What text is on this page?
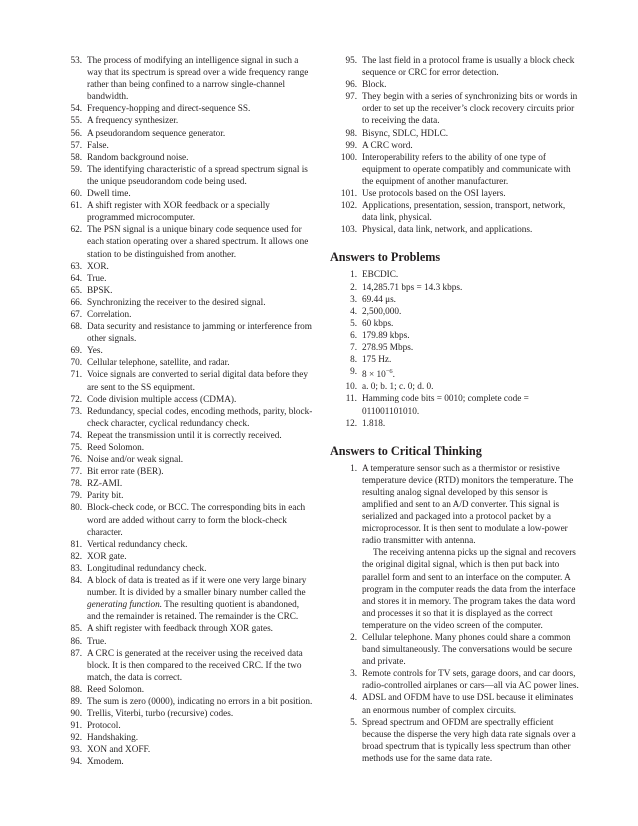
53. The process of modifying an intelligence signal in such a way that its spectrum is spread over a wide frequency range rather than being confined to a narrow single-channel bandwidth.
54. Frequency-hopping and direct-sequence SS.
55. A frequency synthesizer.
56. A pseudorandom sequence generator.
57. False.
58. Random background noise.
59. The identifying characteristic of a spread spectrum signal is the unique pseudorandom code being used.
60. Dwell time.
61. A shift register with XOR feedback or a specially programmed microcomputer.
62. The PSN signal is a unique binary code sequence used for each station operating over a shared spectrum. It allows one station to be distinguished from another.
63. XOR.
64. True.
65. BPSK.
66. Synchronizing the receiver to the desired signal.
67. Correlation.
68. Data security and resistance to jamming or interference from other signals.
69. Yes.
70. Cellular telephone, satellite, and radar.
71. Voice signals are converted to serial digital data before they are sent to the SS equipment.
72. Code division multiple access (CDMA).
73. Redundancy, special codes, encoding methods, parity, block-check character, cyclical redundancy check.
74. Repeat the transmission until it is correctly received.
75. Reed Solomon.
76. Noise and/or weak signal.
77. Bit error rate (BER).
78. RZ-AMI.
79. Parity bit.
80. Block-check code, or BCC. The corresponding bits in each word are added without carry to form the block-check character.
81. Vertical redundancy check.
82. XOR gate.
83. Longitudinal redundancy check.
84. A block of data is treated as if it were one very large binary number. It is divided by a smaller binary number called the generating function. The resulting quotient is abandoned, and the remainder is retained. The remainder is the CRC.
85. A shift register with feedback through XOR gates.
86. True.
87. A CRC is generated at the receiver using the received data block. It is then compared to the received CRC. If the two match, the data is correct.
88. Reed Solomon.
89. The sum is zero (0000), indicating no errors in a bit position.
90. Trellis, Viterbi, turbo (recursive) codes.
91. Protocol.
92. Handshaking.
93. XON and XOFF.
94. Xmodem.
95. The last field in a protocol frame is usually a block check sequence or CRC for error detection.
96. Block.
97. They begin with a series of synchronizing bits or words in order to set up the receiver’s clock recovery circuits prior to receiving the data.
98. Bisync, SDLC, HDLC.
99. A CRC word.
100. Interoperability refers to the ability of one type of equipment to operate compatibly and communicate with the equipment of another manufacturer.
101. Use protocols based on the OSI layers.
102. Applications, presentation, session, transport, network, data link, physical.
103. Physical, data link, network, and applications.
Answers to Problems
1. EBCDIC.
2. 14,285.71 bps = 14.3 kbps.
3. 69.44 μs.
4. 2,500,000.
5. 60 kbps.
6. 179.89 kbps.
7. 278.95 Mbps.
8. 175 Hz.
9. $8 \times 10^{-6}$.
10. a. 0; b. 1; c. 0; d. 0.
11. Hamming code bits = 0010; complete code = 011001101010.
12. 1.818.
Answers to Critical Thinking
1. A temperature sensor such as a thermistor or resistive temperature device (RTD) monitors the temperature. The resulting analog signal developed by this sensor is amplified and sent to an A/D converter. This signal is serialized and packaged into a protocol packet by a microprocessor. It is then sent to modulate a low-power radio transmitter with antenna.
The receiving antenna picks up the signal and recovers the original digital signal, which is then put back into parallel form and sent to an interface on the computer. A program in the computer reads the data from the interface and stores it in memory. The program takes the data word and processes it so that it is displayed as the correct temperature on the video screen of the computer.
2. Cellular telephone. Many phones could share a common band simultaneously. The conversations would be secure and private.
3. Remote controls for TV sets, garage doors, and car doors, radio-controlled airplanes or cars—all via AC power lines.
4. ADSL and OFDM have to use DSL because it eliminates an enormous number of complex circuits.
5. Spread spectrum and OFDM are spectrally efficient because the disperse the very high data rate signals over a broad spectrum that is typically less spectrum than other methods use for the same data rate.
